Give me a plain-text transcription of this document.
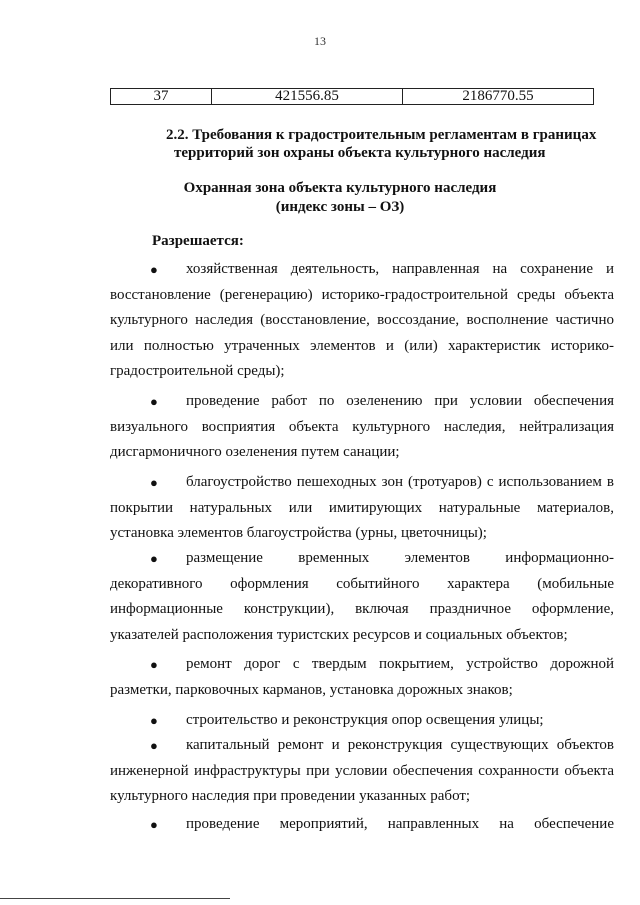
13
37	421556.85	2186770.55
2.2. Требования к градостроительным регламентам в границах
территорий зон охраны объекта культурного наследия
Охранная зона объекта культурного наследия
(индекс зоны – ОЗ)
Разрешается:
● хозяйственная деятельность, направленная на сохранение и
восстановление (регенерацию) историко-градостроительной среды объекта
культурного наследия (восстановление, воссоздание, восполнение частично
или полностью утраченных элементов и (или) характеристик историко-
градостроительной среды);
● проведение работ по озеленению при условии обеспечения
визуального восприятия объекта культурного наследия, нейтрализация
дисгармоничного озеленения путем санации;
● благоустройство пешеходных зон (тротуаров) с использованием в
покрытии натуральных или имитирующих натуральные материалов,
установка элементов благоустройства (урны, цветочницы);
● размещение временных элементов информационно-
декоративного оформления событийного характера (мобильные
информационные конструкции), включая праздничное оформление,
указателей расположения туристских ресурсов и социальных объектов;
● ремонт дорог с твердым покрытием, устройство дорожной
разметки, парковочных карманов, установка дорожных знаков;
● строительство и реконструкция опор освещения улицы;
● капитальный ремонт и реконструкция существующих объектов
инженерной инфраструктуры при условии обеспечения сохранности объекта
культурного наследия при проведении указанных работ;
● проведение мероприятий, направленных на обеспечение
